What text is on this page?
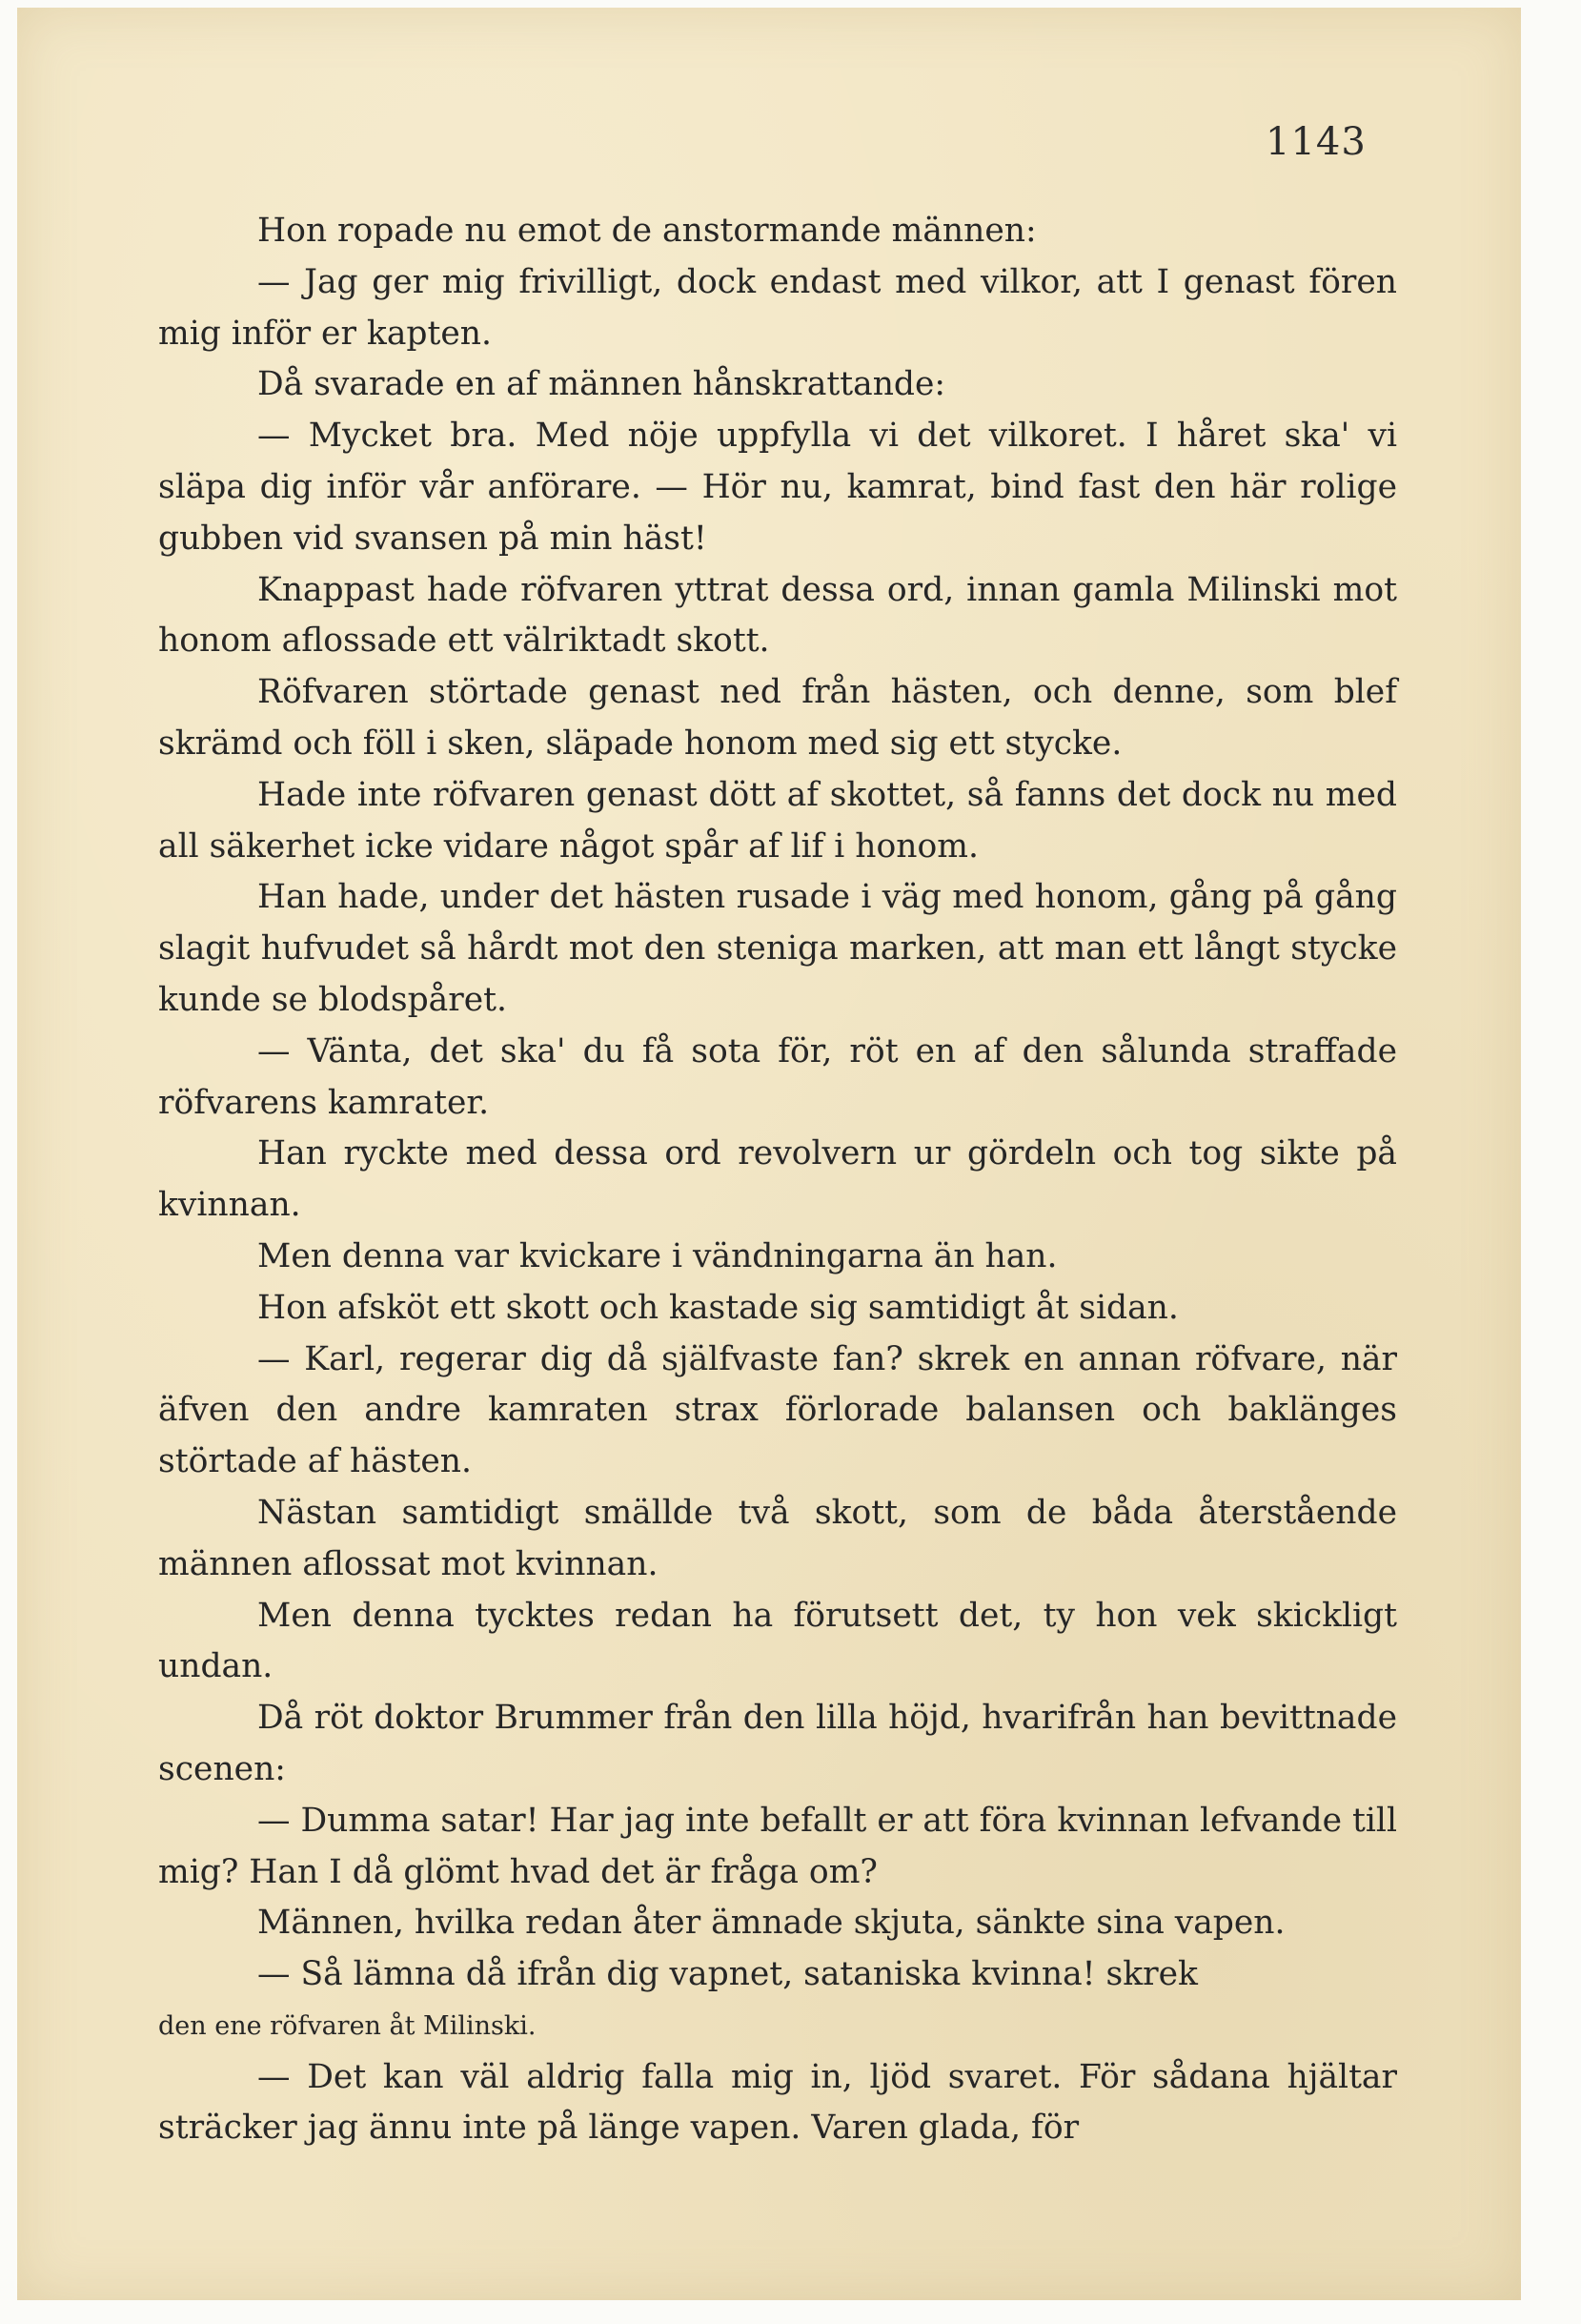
1143

Hon ropade nu emot de anstormande männen:

— Jag ger mig frivilligt, dock endast med vilkor, att I genast fören mig inför er kapten.

Då svarade en af männen hånskrattande:

— Mycket bra. Med nöje uppfylla vi det vilkoret. I håret ska' vi släpa dig inför vår anförare. — Hör nu, kamrat, bind fast den här rolige gubben vid svansen på min häst!

Knappast hade röfvaren yttrat dessa ord, innan gamla Milinski mot honom aflossade ett välriktadt skott.

Röfvaren störtade genast ned från hästen, och denne, som blef skrämd och föll i sken, släpade honom med sig ett stycke.

Hade inte röfvaren genast dött af skottet, så fanns det dock nu med all säkerhet icke vidare något spår af lif i honom.

Han hade, under det hästen rusade i väg med honom, gång på gång slagit hufvudet så hårdt mot den steniga marken, att man ett långt stycke kunde se blodspåret.

— Vänta, det ska' du få sota för, röt en af den sålunda straffade röfvarens kamrater.

Han ryckte med dessa ord revolvern ur gördeln och tog sikte på kvinnan.

Men denna var kvickare i vändningarna än han.

Hon afsköt ett skott och kastade sig samtidigt åt sidan.

— Karl, regerar dig då själfvaste fan? skrek en annan röfvare, när äfven den andre kamraten strax förlorade balansen och baklänges störtade af hästen.

Nästan samtidigt smällde två skott, som de båda återstående männen aflossat mot kvinnan.

Men denna tycktes redan ha förutsett det, ty hon vek skickligt undan.

Då röt doktor Brummer från den lilla höjd, hvarifrån han bevittnade scenen:

— Dumma satar! Har jag inte befallt er att föra kvinnan lefvande till mig? Han I då glömt hvad det är fråga om?

Männen, hvilka redan åter ämnade skjuta, sänkte sina vapen.

— Så lämna då ifrån dig vapnet, sataniska kvinna! skrek

den ene röfvaren åt Milinski.

— Det kan väl aldrig falla mig in, ljöd svaret. För sådana hjältar sträcker jag ännu inte på länge vapen. Varen glada, för
